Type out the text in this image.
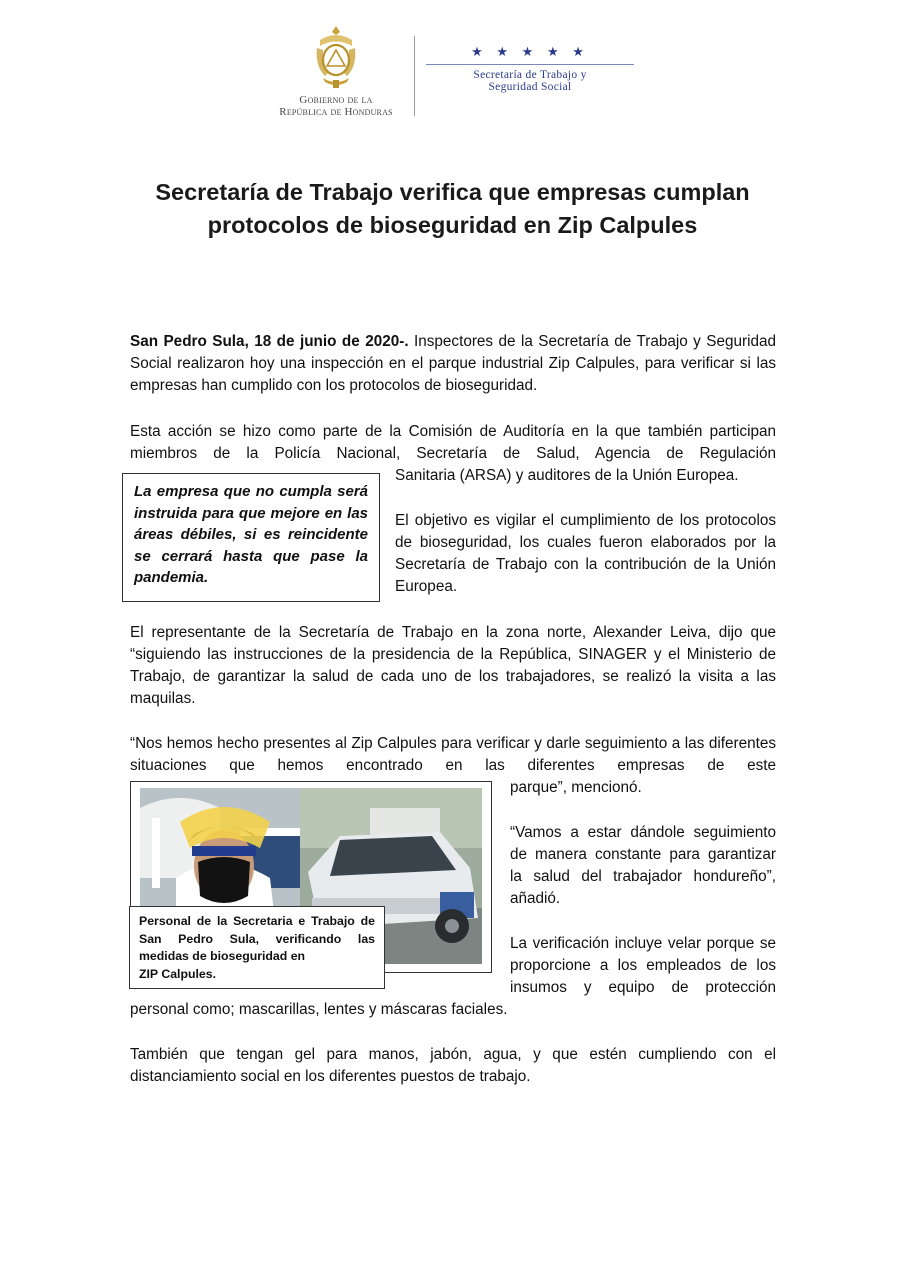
Gobierno de la
República de Honduras
★ ★ ★ ★ ★
Secretaría de Trabajo y
Seguridad Social
Secretaría de Trabajo verifica que empresas cumplan
protocolos de bioseguridad en Zip Calpules
San Pedro Sula, 18 de junio de 2020-. Inspectores de la Secretaría de Trabajo y Seguridad Social realizaron hoy una inspección en el parque industrial Zip Calpules, para verificar si las empresas han cumplido con los protocolos de bioseguridad.
Esta acción se hizo como parte de la Comisión de Auditoría en la que también participan miembros de la Policía Nacional, Secretaría de Salud, Agencia de Regulación
Sanitaria (ARSA) y auditores de la Unión Europea.
La empresa que no cumpla será instruida para que mejore en las áreas débiles, si es reincidente se cerrará hasta que pase la pandemia.
El objetivo es vigilar el cumplimiento de los protocolos de bioseguridad, los cuales fueron elaborados por la Secretaría de Trabajo con la contribución de la Unión Europea.
El representante de la Secretaría de Trabajo en la zona norte, Alexander Leiva, dijo que “siguiendo las instrucciones de la presidencia de la República, SINAGER y el Ministerio de Trabajo, de garantizar la salud de cada uno de los trabajadores, se realizó la visita a las maquilas.
“Nos hemos hecho presentes al Zip Calpules para verificar y darle seguimiento a las diferentes situaciones que hemos encontrado en las diferentes empresas de este
parque”, mencionó.
Personal de la Secretaria e Trabajo de San Pedro Sula, verificando las medidas de bioseguridad en
ZIP Calpules.
“Vamos a estar dándole seguimiento de manera constante para garantizar la salud del trabajador hondureño”, añadió.
La verificación incluye velar porque se proporcione a los empleados de los insumos y equipo de protección
personal como; mascarillas, lentes y máscaras faciales.
También que tengan gel para manos, jabón, agua, y que estén cumpliendo con el distanciamiento social en los diferentes puestos de trabajo.
